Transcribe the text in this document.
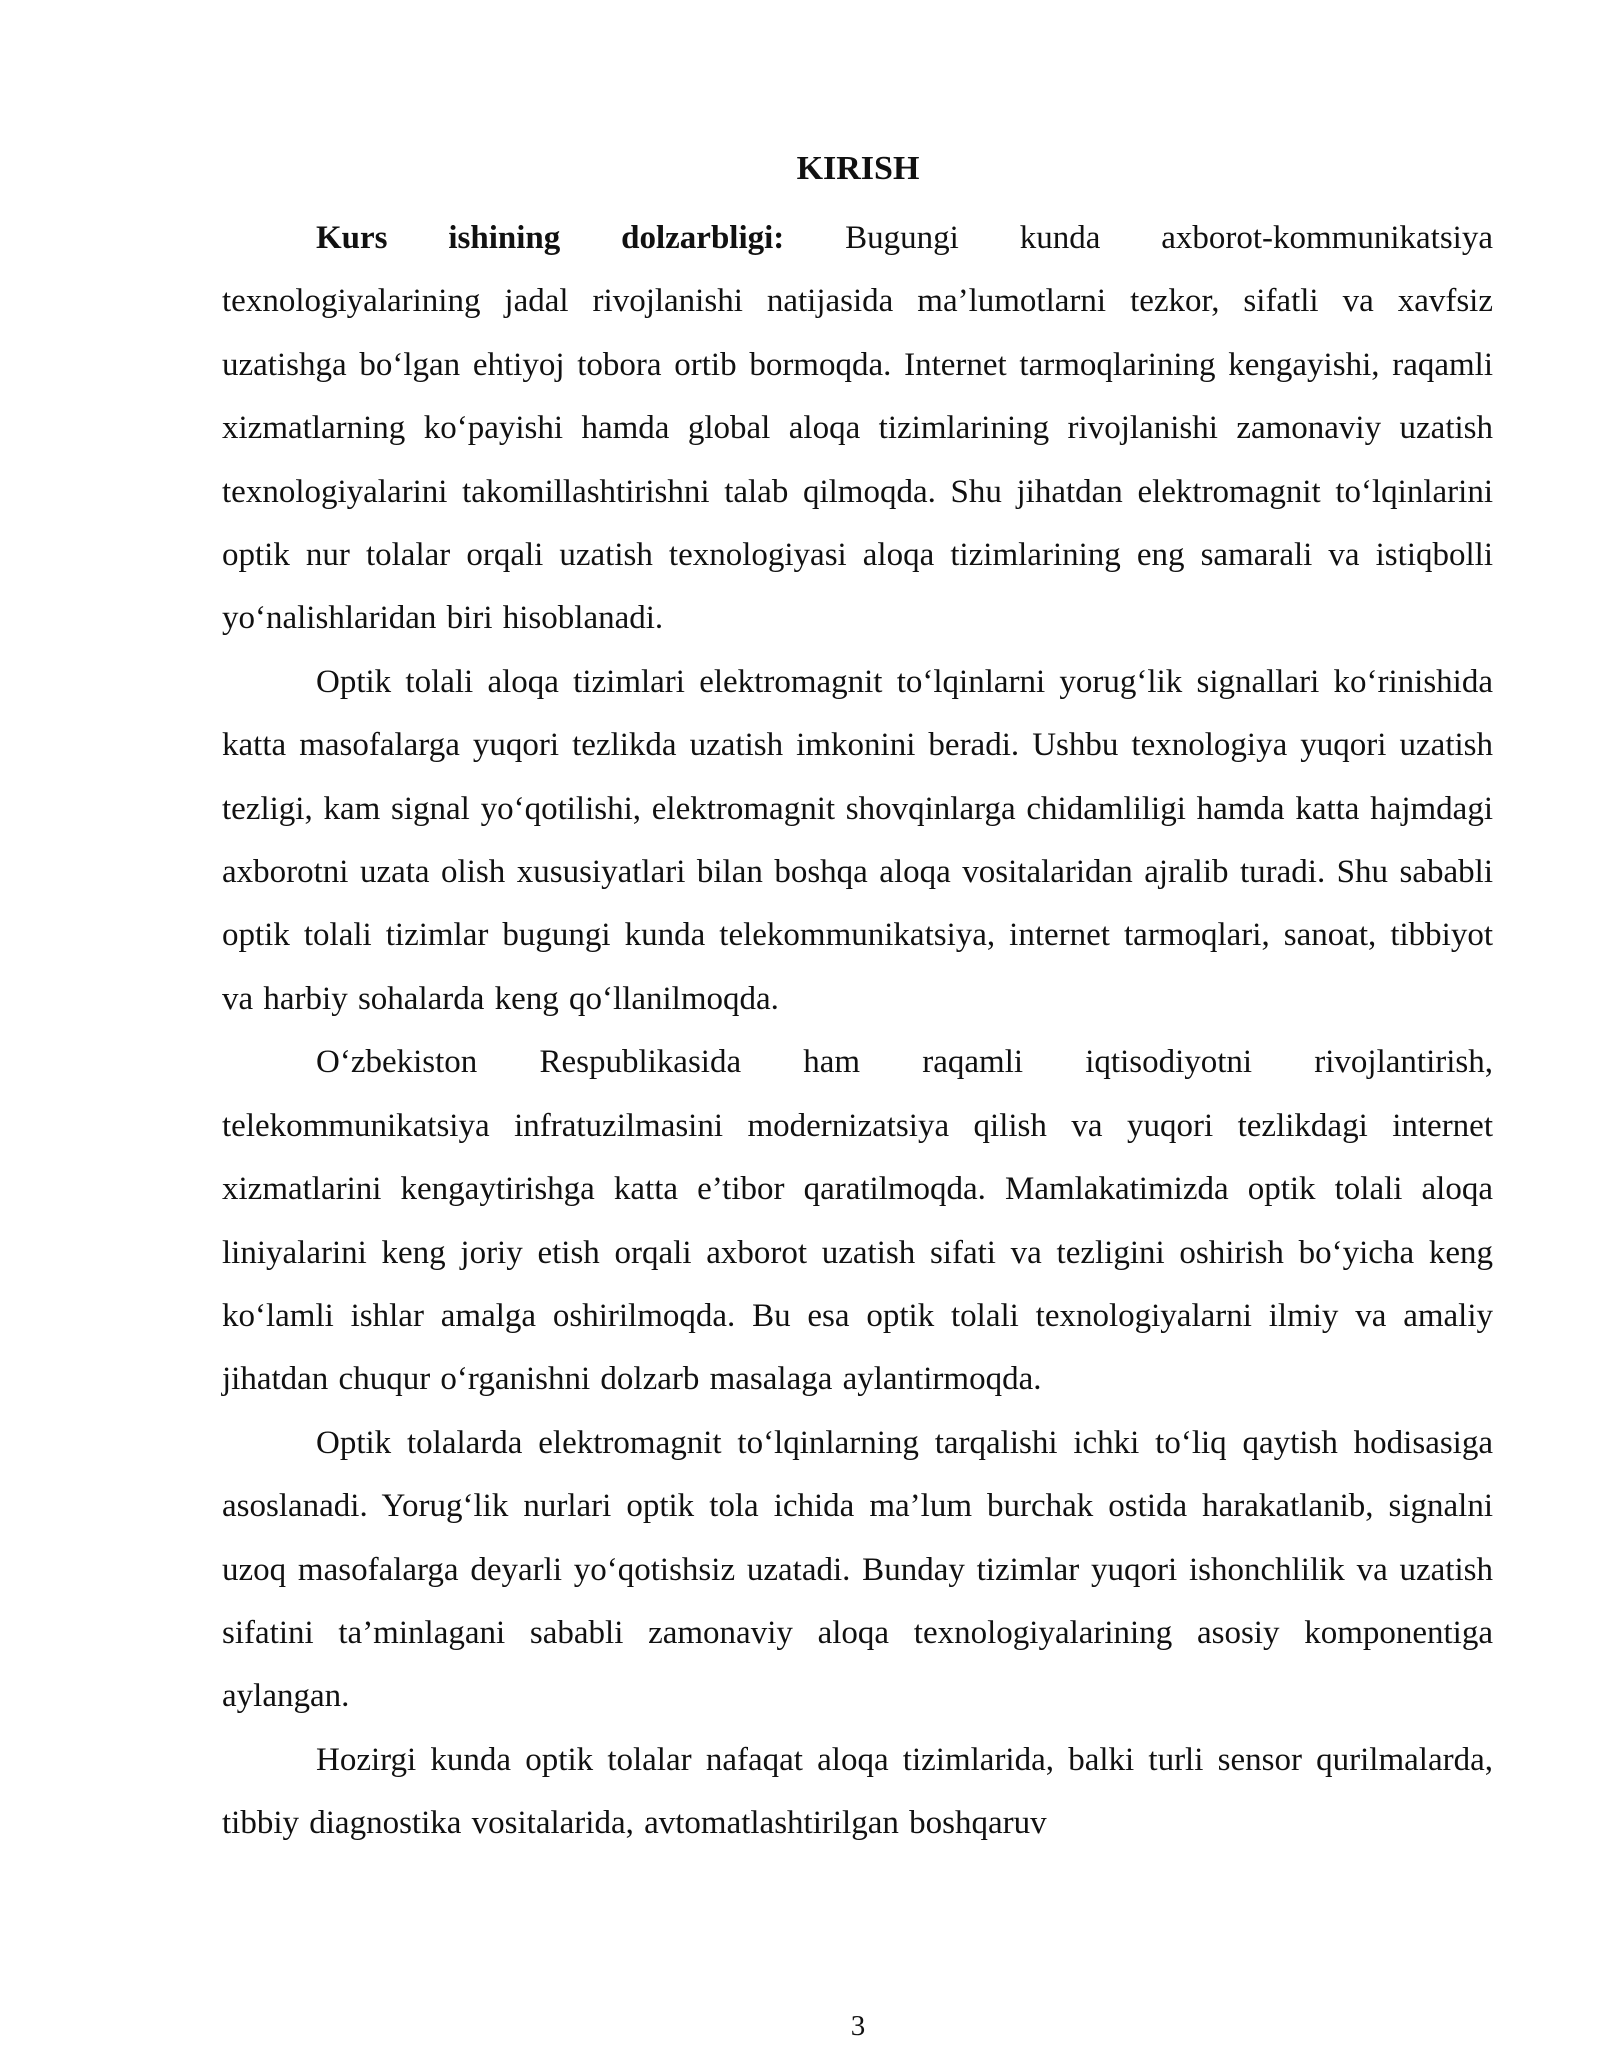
KIRISH

Kurs ishining dolzarbligi: Bugungi kunda axborot-kommunikatsiya texnologiyalarining jadal rivojlanishi natijasida ma’lumotlarni tezkor, sifatli va xavfsiz uzatishga bo‘lgan ehtiyoj tobora ortib bormoqda. Internet tarmoqlarining kengayishi, raqamli xizmatlarning ko‘payishi hamda global aloqa tizimlarining rivojlanishi zamonaviy uzatish texnologiyalarini takomillashtirishni talab qilmoqda. Shu jihatdan elektromagnit to‘lqinlarini optik nur tolalar orqali uzatish texnologiyasi aloqa tizimlarining eng samarali va istiqbolli yo‘nalishlaridan biri hisoblanadi.

Optik tolali aloqa tizimlari elektromagnit to‘lqinlarni yorug‘lik signallari ko‘rinishida katta masofalarga yuqori tezlikda uzatish imkonini beradi. Ushbu texnologiya yuqori uzatish tezligi, kam signal yo‘qotilishi, elektromagnit shovqinlarga chidamliligi hamda katta hajmdagi axborotni uzata olish xususiyatlari bilan boshqa aloqa vositalaridan ajralib turadi. Shu sababli optik tolali tizimlar bugungi kunda telekommunikatsiya, internet tarmoqlari, sanoat, tibbiyot va harbiy sohalarda keng qo‘llanilmoqda.

O‘zbekiston Respublikasida ham raqamli iqtisodiyotni rivojlantirish, telekommunikatsiya infratuzilmasini modernizatsiya qilish va yuqori tezlikdagi internet xizmatlarini kengaytirishga katta e’tibor qaratilmoqda. Mamlakatimizda optik tolali aloqa liniyalarini keng joriy etish orqali axborot uzatish sifati va tezligini oshirish bo‘yicha keng ko‘lamli ishlar amalga oshirilmoqda. Bu esa optik tolali texnologiyalarni ilmiy va amaliy jihatdan chuqur o‘rganishni dolzarb masalaga aylantirmoqda.

Optik tolalarda elektromagnit to‘lqinlarning tarqalishi ichki to‘liq qaytish hodisasiga asoslanadi. Yorug‘lik nurlari optik tola ichida ma’lum burchak ostida harakatlanib, signalni uzoq masofalarga deyarli yo‘qotishsiz uzatadi. Bunday tizimlar yuqori ishonchlilik va uzatish sifatini ta’minlagani sababli zamonaviy aloqa texnologiyalarining asosiy komponentiga aylangan.

Hozirgi kunda optik tolalar nafaqat aloqa tizimlarida, balki turli sensor qurilmalarda, tibbiy diagnostika vositalarida, avtomatlashtirilgan boshqaruv

3
